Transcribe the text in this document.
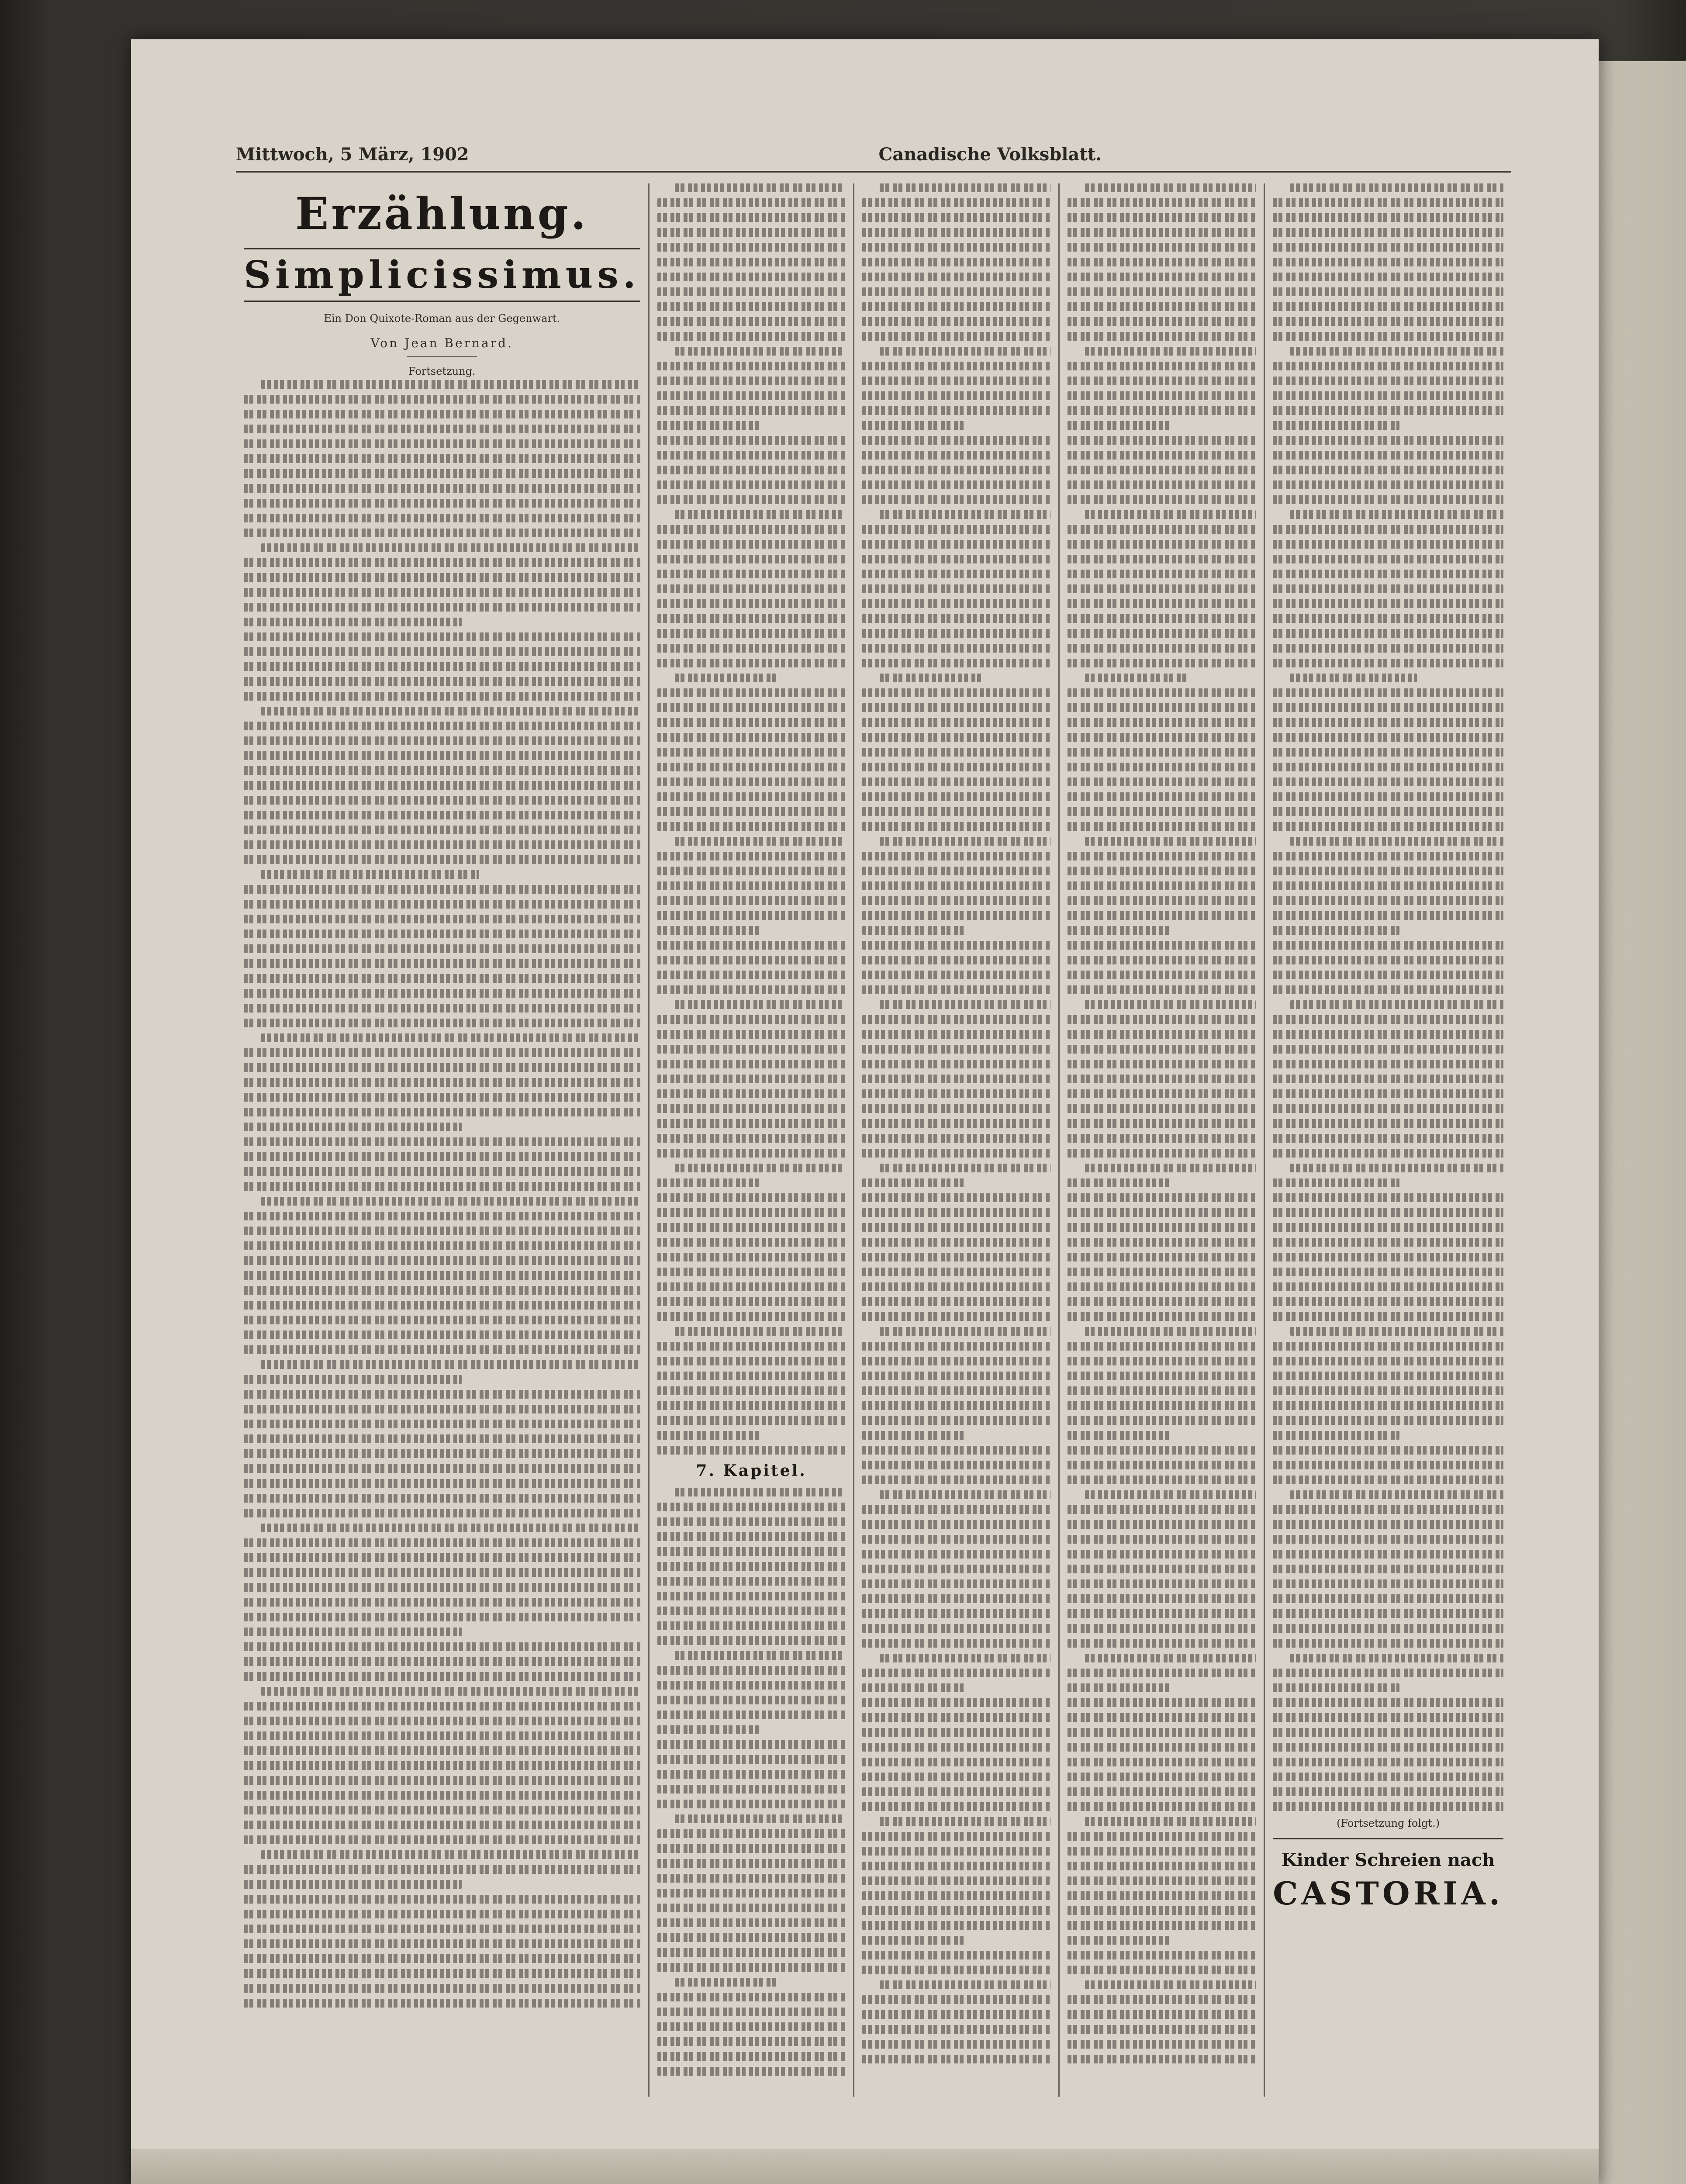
Mittwoch, 5 März, 1902	Canadische Volksblatt.
Erzählung.
Simplicissimus.
Ein Don Quixote-Roman aus der Gegenwart.
Von Jean Bernard.
Fortsetzung.
7. Kapitel.
(Fortsetzung folgt.)
Kinder Schreien nach
CASTORIA.
